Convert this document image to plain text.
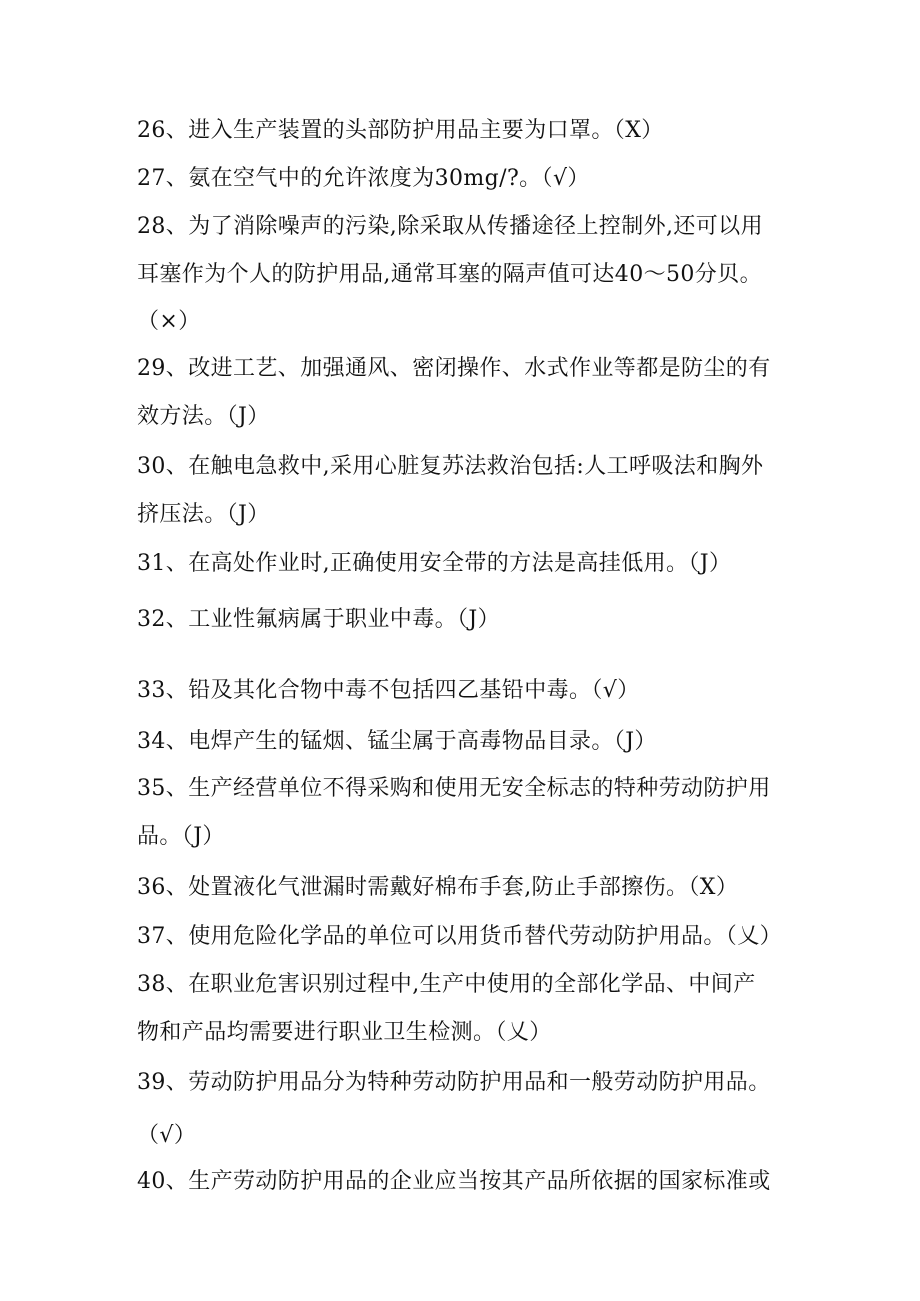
26、进入生产装置的头部防护用品主要为口罩。（X）
27、氨在空气中的允许浓度为30mg/?。（√）
28、为了消除噪声的污染,除采取从传播途径上控制外,还可以用
耳塞作为个人的防护用品,通常耳塞的隔声值可达40～50分贝。
（×）
29、改进工艺、加强通风、密闭操作、水式作业等都是防尘的有
效方法。（J）
30、在触电急救中,采用心脏复苏法救治包括:人工呼吸法和胸外
挤压法。（J）
31、在高处作业时,正确使用安全带的方法是高挂低用。（J）
32、工业性氟病属于职业中毒。（J）
33、铅及其化合物中毒不包括四乙基铅中毒。（√）
34、电焊产生的锰烟、锰尘属于高毒物品目录。（J）
35、生产经营单位不得采购和使用无安全标志的特种劳动防护用
品。（J）
36、处置液化气泄漏时需戴好棉布手套,防止手部擦伤。（X）
37、使用危险化学品的单位可以用货币替代劳动防护用品。（乂）
38、在职业危害识别过程中,生产中使用的全部化学品、中间产
物和产品均需要进行职业卫生检测。（乂）
39、劳动防护用品分为特种劳动防护用品和一般劳动防护用品。
（√）
40、生产劳动防护用品的企业应当按其产品所依据的国家标准或
